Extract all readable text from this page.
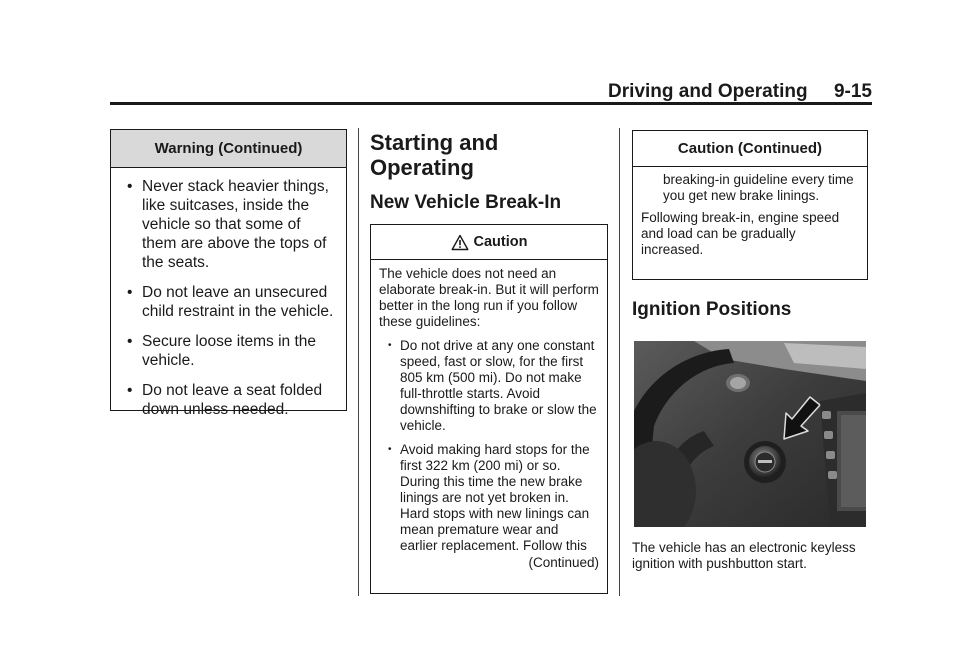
Driving and Operating     9-15
Warning (Continued)
• Never stack heavier things, like suitcases, inside the vehicle so that some of them are above the tops of the seats.
• Do not leave an unsecured child restraint in the vehicle.
• Secure loose items in the vehicle.
• Do not leave a seat folded down unless needed.
Starting and
Operating
New Vehicle Break-In
Caution

The vehicle does not need an elaborate break-in. But it will perform better in the long run if you follow these guidelines:

• Do not drive at any one constant speed, fast or slow, for the first 805 km (500 mi). Do not make full-throttle starts. Avoid downshifting to brake or slow the vehicle.
• Avoid making hard stops for the first 322 km (200 mi) or so. During this time the new brake linings are not yet broken in. Hard stops with new linings can mean premature wear and earlier replacement. Follow this
(Continued)
Caution (Continued)

breaking-in guideline every time you get new brake linings.

Following break-in, engine speed and load can be gradually increased.

Ignition Positions

The vehicle has an electronic keyless ignition with pushbutton start.
